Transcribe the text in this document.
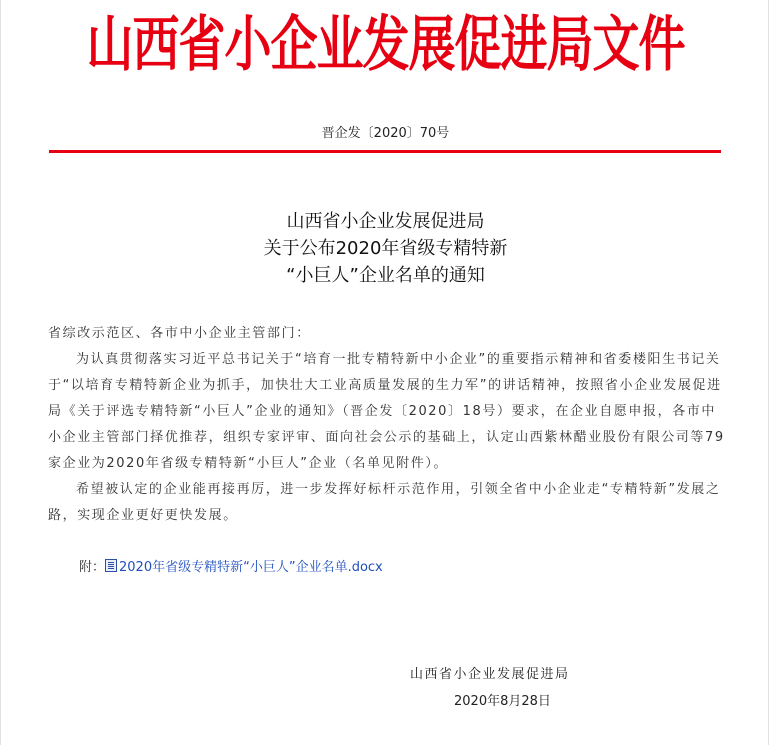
山西省小企业发展促进局文件
晋企发〔2020〕70号
山西省小企业发展促进局
关于公布2020年省级专精特新
“小巨人”企业名单的通知

省综改示范区、各市中小企业主管部门：

为认真贯彻落实习近平总书记关于“培育一批专精特新中小企业”的重要指示精神和省委楼阳生书记关于“以培育专精特新企业为抓手，加快壮大工业高质量发展的生力军”的讲话精神，按照省小企业发展促进局《关于评选专精特新“小巨人”企业的通知》（晋企发〔2020〕18号）要求，在企业自愿申报，各市中小企业主管部门择优推荐，组织专家评审、面向社会公示的基础上，认定山西紫林醋业股份有限公司等79家企业为2020年省级专精特新“小巨人”企业（名单见附件）。

希望被认定的企业能再接再厉，进一步发挥好标杆示范作用，引领全省中小企业走“专精特新”发展之路，实现企业更好更快发展。

附： 2020年省级专精特新“小巨人”企业名单.docx
山西省小企业发展促进局
2020年8月28日
